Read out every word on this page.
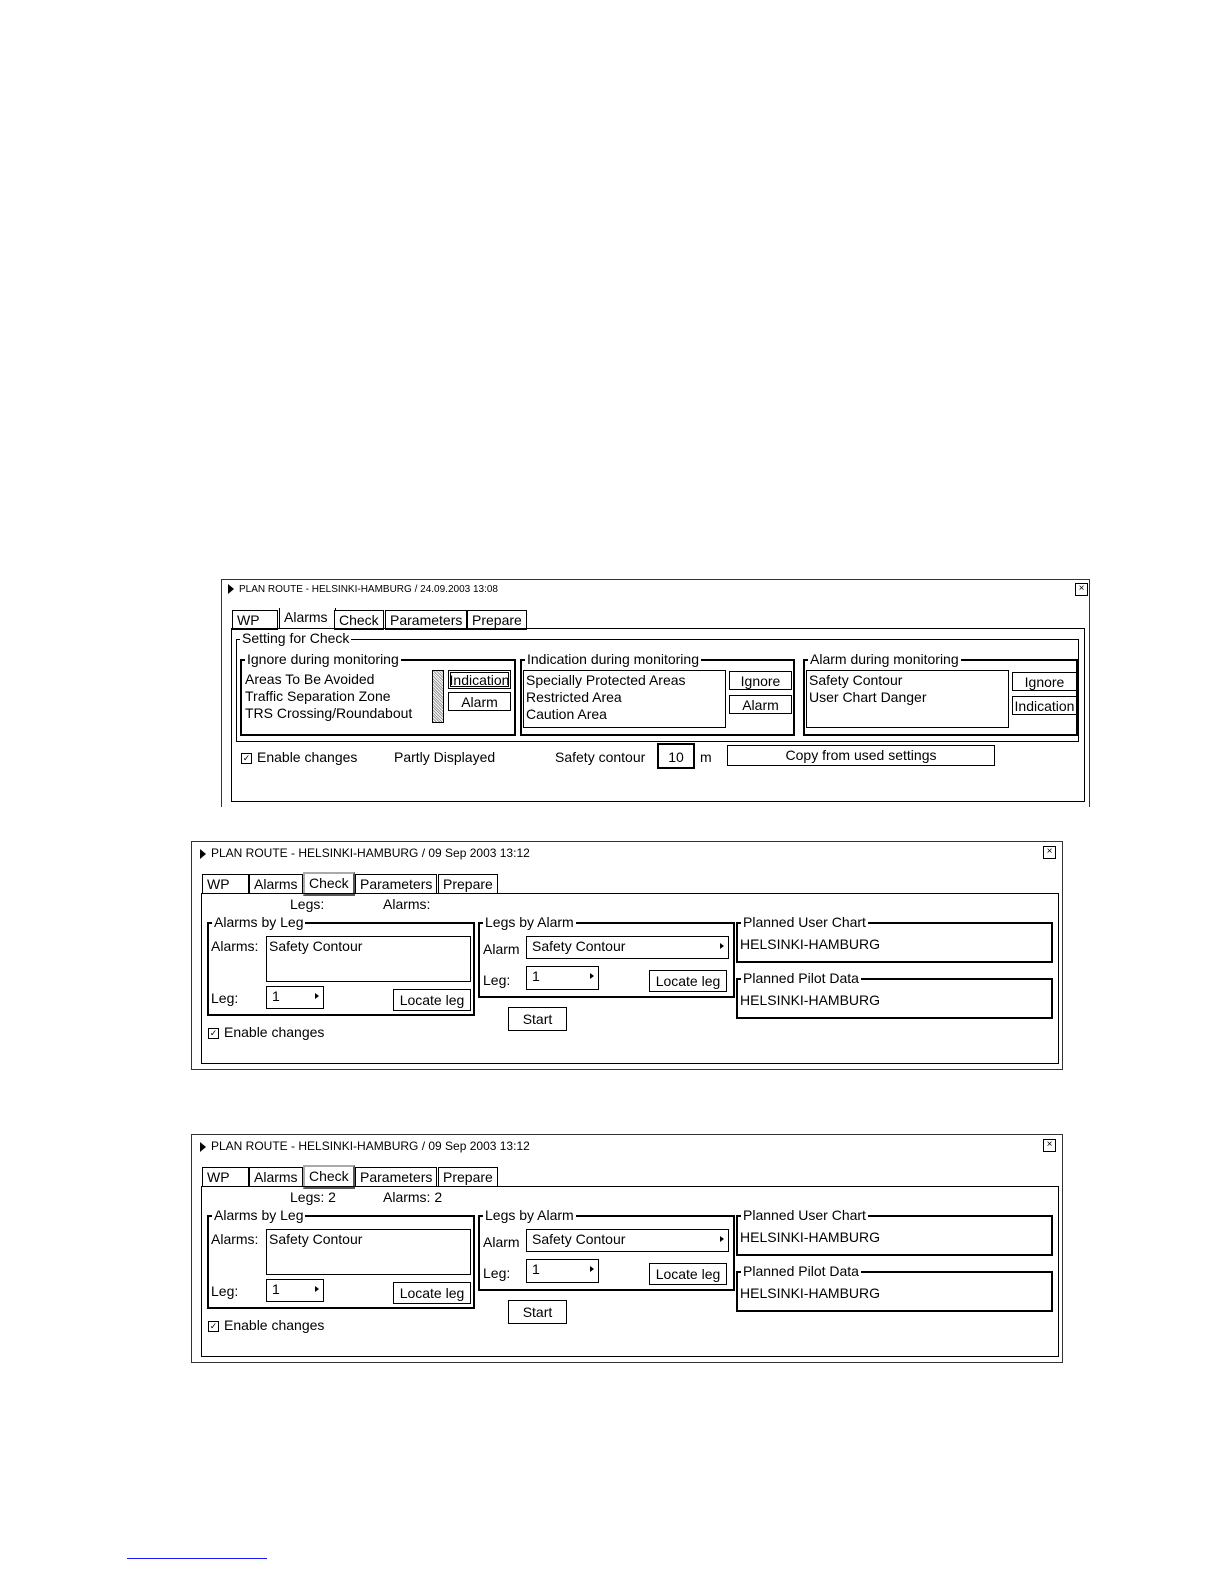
PLAN ROUTE - HELSINKI-HAMBURG / 24.09.2003 13:08	×
WP	Alarms Check Parameters Prepare
Setting for Check
Ignore during monitoring
Areas To Be Avoided
Traffic Separation Zone
TRS Crossing/Roundabout
Indication
Alarm
Indication during monitoring
Specially Protected Areas
Restricted Area
Caution Area
Ignore
Alarm
Alarm during monitoring
Safety Contour
User Chart Danger
Ignore
Indication
✓ Enable changes	Partly Displayed	Safety contour	10	m	Copy from used settings
PLAN ROUTE - HELSINKI-HAMBURG / 09 Sep 2003 13:12	×
WP	Alarms Check Parameters Prepare
Legs:	Alarms:
Alarms by Leg
Alarms: Safety Contour
Leg:	1	Locate leg
Legs by Alarm
Alarm Safety Contour
Leg:	1	Locate leg
Start
Planned User Chart
HELSINKI-HAMBURG
Planned Pilot Data
HELSINKI-HAMBURG
✓ Enable changes
PLAN ROUTE - HELSINKI-HAMBURG / 09 Sep 2003 13:12	×
WP	Alarms Check Parameters Prepare
Legs: 2	Alarms: 2
Alarms by Leg
Alarms: Safety Contour
Leg:	1	Locate leg
Legs by Alarm
Alarm Safety Contour
Leg:	1	Locate leg
Start
Planned User Chart
HELSINKI-HAMBURG
Planned Pilot Data
HELSINKI-HAMBURG
✓ Enable changes
